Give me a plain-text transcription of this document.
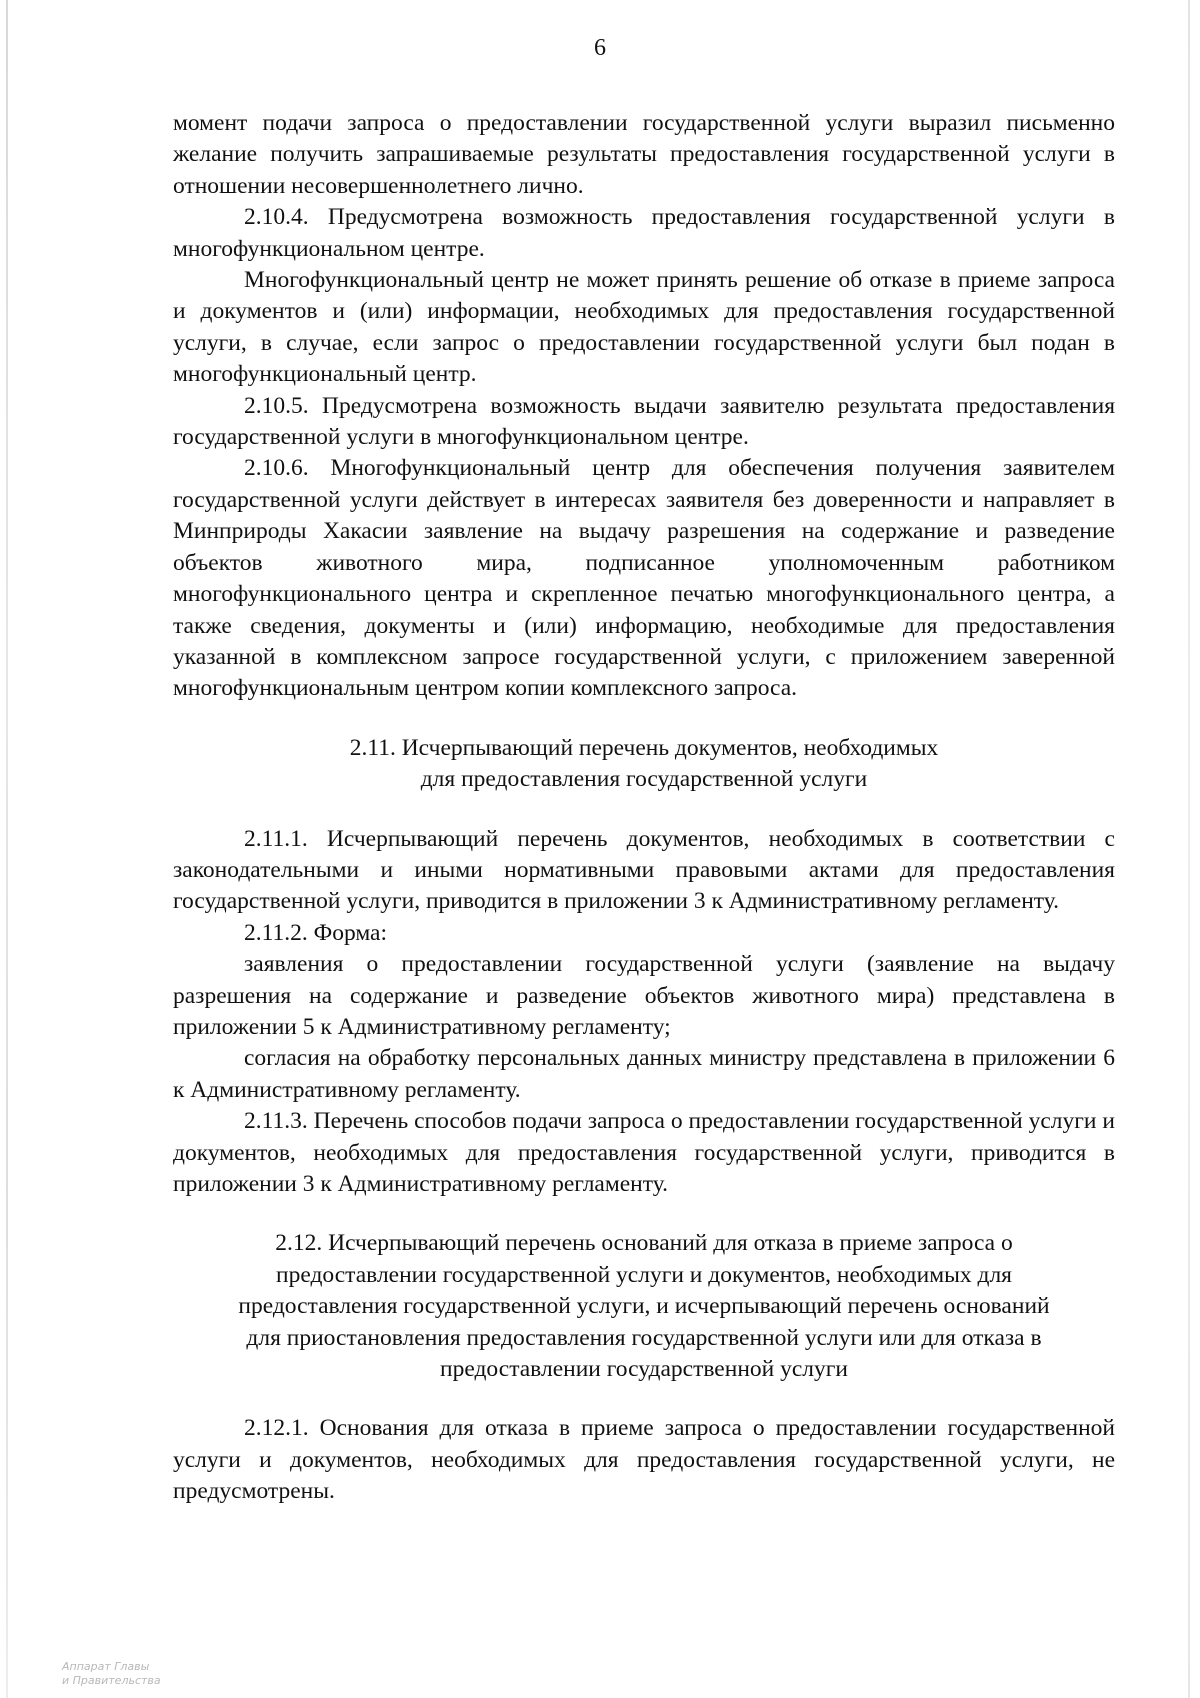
6

момент подачи запроса о предоставлении государственной услуги выразил письменно желание получить запрашиваемые результаты предоставления государственной услуги в отношении несовершеннолетнего лично.

2.10.4. Предусмотрена возможность предоставления государственной услуги в многофункциональном центре.

Многофункциональный центр не может принять решение об отказе в приеме запроса и документов и (или) информации, необходимых для предоставления государственной услуги, в случае, если запрос о предоставлении государственной услуги был подан в многофункциональный центр.

2.10.5. Предусмотрена возможность выдачи заявителю результата предоставления государственной услуги в многофункциональном центре.

2.10.6. Многофункциональный центр для обеспечения получения заявителем государственной услуги действует в интересах заявителя без доверенности и направляет в Минприроды Хакасии заявление на выдачу разрешения на содержание и разведение объектов животного мира, подписанное уполномоченным работником многофункционального центра и скрепленное печатью многофункционального центра, а также сведения, документы и (или) информацию, необходимые для предоставления указанной в комплексном запросе государственной услуги, с приложением заверенной многофункциональным центром копии комплексного запроса.

2.11. Исчерпывающий перечень документов, необходимых

для предоставления государственной услуги

2.11.1. Исчерпывающий перечень документов, необходимых в соответствии с законодательными и иными нормативными правовыми актами для предоставления государственной услуги, приводится в приложении 3 к Административному регламенту.

2.11.2. Форма:

заявления о предоставлении государственной услуги (заявление на выдачу разрешения на содержание и разведение объектов животного мира) представлена в приложении 5 к Административному регламенту;

согласия на обработку персональных данных министру представлена в приложении 6 к Административному регламенту.

2.11.3. Перечень способов подачи запроса о предоставлении государственной услуги и документов, необходимых для предоставления государственной услуги, приводится в приложении 3 к Административному регламенту.

2.12. Исчерпывающий перечень оснований для отказа в приеме запроса о

предоставлении государственной услуги и документов, необходимых для

предоставления государственной услуги, и исчерпывающий перечень оснований

для приостановления предоставления государственной услуги или для отказа в

предоставлении государственной услуги

2.12.1. Основания для отказа в приеме запроса о предоставлении государственной услуги и документов, необходимых для предоставления государственной услуги, не предусмотрены.

Аппарат Главы
и Правительства
